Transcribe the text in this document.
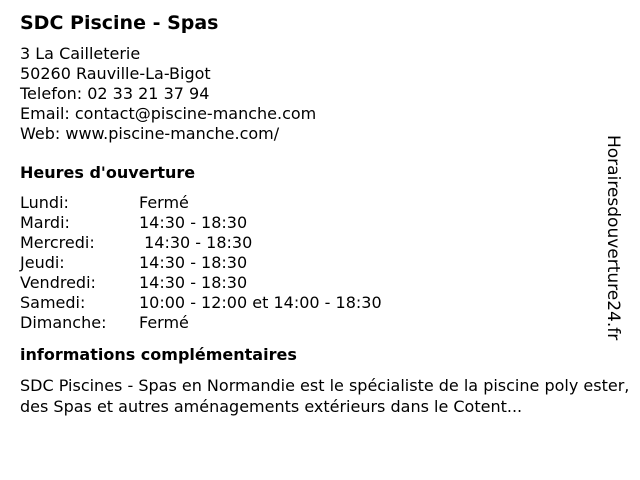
SDC Piscine - Spas
3 La Cailleterie
50260 Rauville-La-Bigot
Telefon: 02 33 21 37 94
Email: contact@piscine-manche.com
Web: www.piscine-manche.com/
Heures d'ouverture
Lundi:	Fermé
Mardi:	14:30 - 18:30
Mercredi:	14:30 - 18:30
Jeudi:	14:30 - 18:30
Vendredi:	14:30 - 18:30
Samedi:	10:00 - 12:00 et 14:00 - 18:30
Dimanche:	Fermé
informations complémentaires
SDC Piscines - Spas en Normandie est le spécialiste de la piscine poly ester, des Spas et autres aménagements extérieurs dans le Cotent...
Horairesdouverture24.fr
